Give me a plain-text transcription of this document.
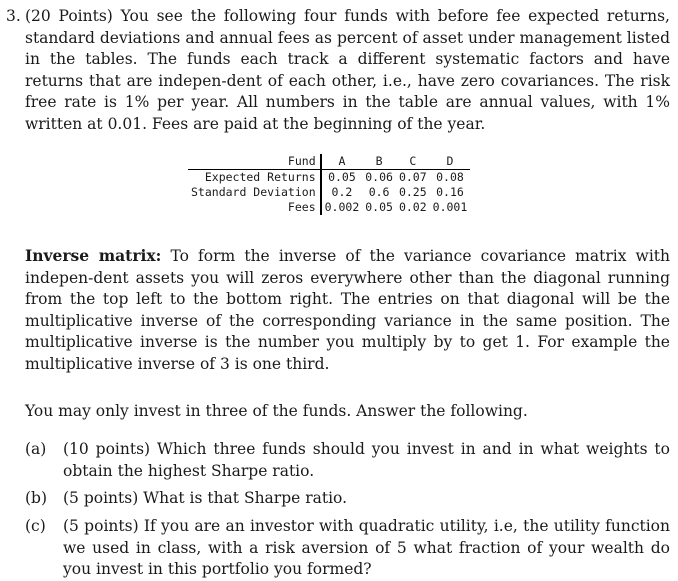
3. (20 Points) You see the following four funds with before fee expected returns, standard deviations and annual fees as percent of asset under management listed in the tables. The funds each track a different systematic factors and have returns that are indepen-dent of each other, i.e., have zero covariances. The risk free rate is 1% per year. All numbers in the table are annual values, with 1% written at 0.01. Fees are paid at the beginning of the year.
Fund	A	B	C	D
Expected Returns	0.05	0.06	0.07	0.08
Standard Deviation	0.2	0.6	0.25	0.16
Fees	0.002	0.05	0.02	0.001
Inverse matrix: To form the inverse of the variance covariance matrix with indepen-dent assets you will zeros everywhere other than the diagonal running from the top left to the bottom right. The entries on that diagonal will be the multiplicative inverse of the corresponding variance in the same position. The multiplicative inverse is the number you multiply by to get 1. For example the multiplicative inverse of 3 is one third.
You may only invest in three of the funds. Answer the following.
(a) (10 points) Which three funds should you invest in and in what weights to obtain the highest Sharpe ratio.
(b) (5 points) What is that Sharpe ratio.
(c) (5 points) If you are an investor with quadratic utility, i.e, the utility function we used in class, with a risk aversion of 5 what fraction of your wealth do you invest in this portfolio you formed?
